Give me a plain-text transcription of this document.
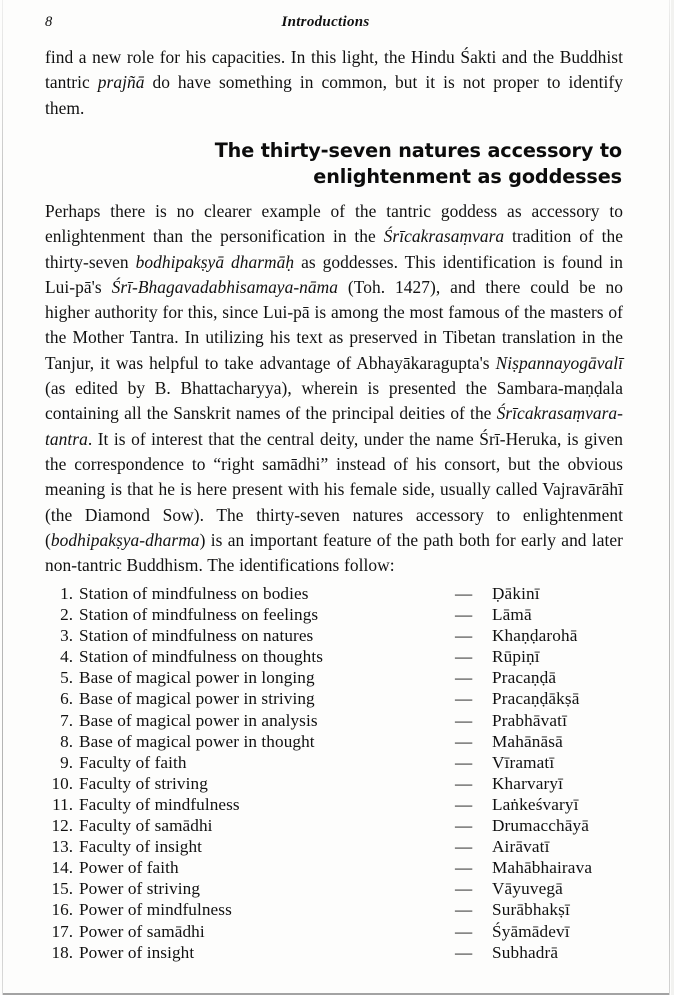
8	Introductions
find a new role for his capacities. In this light, the Hindu Śakti and the Buddhist tantric prajñā do have something in common, but it is not proper to identify them.
The thirty-seven natures accessory to
enlightenment as goddesses
Perhaps there is no clearer example of the tantric goddess as accessory to enlightenment than the personification in the Śrīcakrasaṃvara tradition of the thirty-seven bodhipakṣyā dharmāḥ as goddesses. This identification is found in Lui-pā's Śrī-Bhagavadabhisamaya-nāma (Toh. 1427), and there could be no higher authority for this, since Lui-pā is among the most famous of the masters of the Mother Tantra. In utilizing his text as preserved in Tibetan translation in the Tanjur, it was helpful to take advantage of Abhayākaragupta's Niṣpannayogāvalī (as edited by B. Bhattacharyya), wherein is presented the Sambara-maṇḍala containing all the Sanskrit names of the principal deities of the Śrīcakrasaṃvara-tantra. It is of interest that the central deity, under the name Śrī-Heruka, is given the correspondence to “right samādhi” instead of his consort, but the obvious meaning is that he is here present with his female side, usually called Vajravārāhī (the Diamond Sow). The thirty-seven natures accessory to enlightenment (bodhipakṣya-dharma) is an important feature of the path both for early and later non-tantric Buddhism. The identifications follow:
1. Station of mindfulness on bodies	— Ḍākinī
2. Station of mindfulness on feelings	— Lāmā
3. Station of mindfulness on natures	— Khaṇḍarohā
4. Station of mindfulness on thoughts	— Rūpiṇī
5. Base of magical power in longing	— Pracaṇḍā
6. Base of magical power in striving	— Pracaṇḍākṣā
7. Base of magical power in analysis	— Prabhāvatī
8. Base of magical power in thought	— Mahānāsā
9. Faculty of faith	— Vīramatī
10. Faculty of striving	— Kharvaryī
11. Faculty of mindfulness	— Laṅkeśvaryī
12. Faculty of samādhi	— Drumacchāyā
13. Faculty of insight	— Airāvatī
14. Power of faith	— Mahābhairava
15. Power of striving	— Vāyuvegā
16. Power of mindfulness	— Surābhakṣī
17. Power of samādhi	— Śyāmādevī
18. Power of insight	— Subhadrā
